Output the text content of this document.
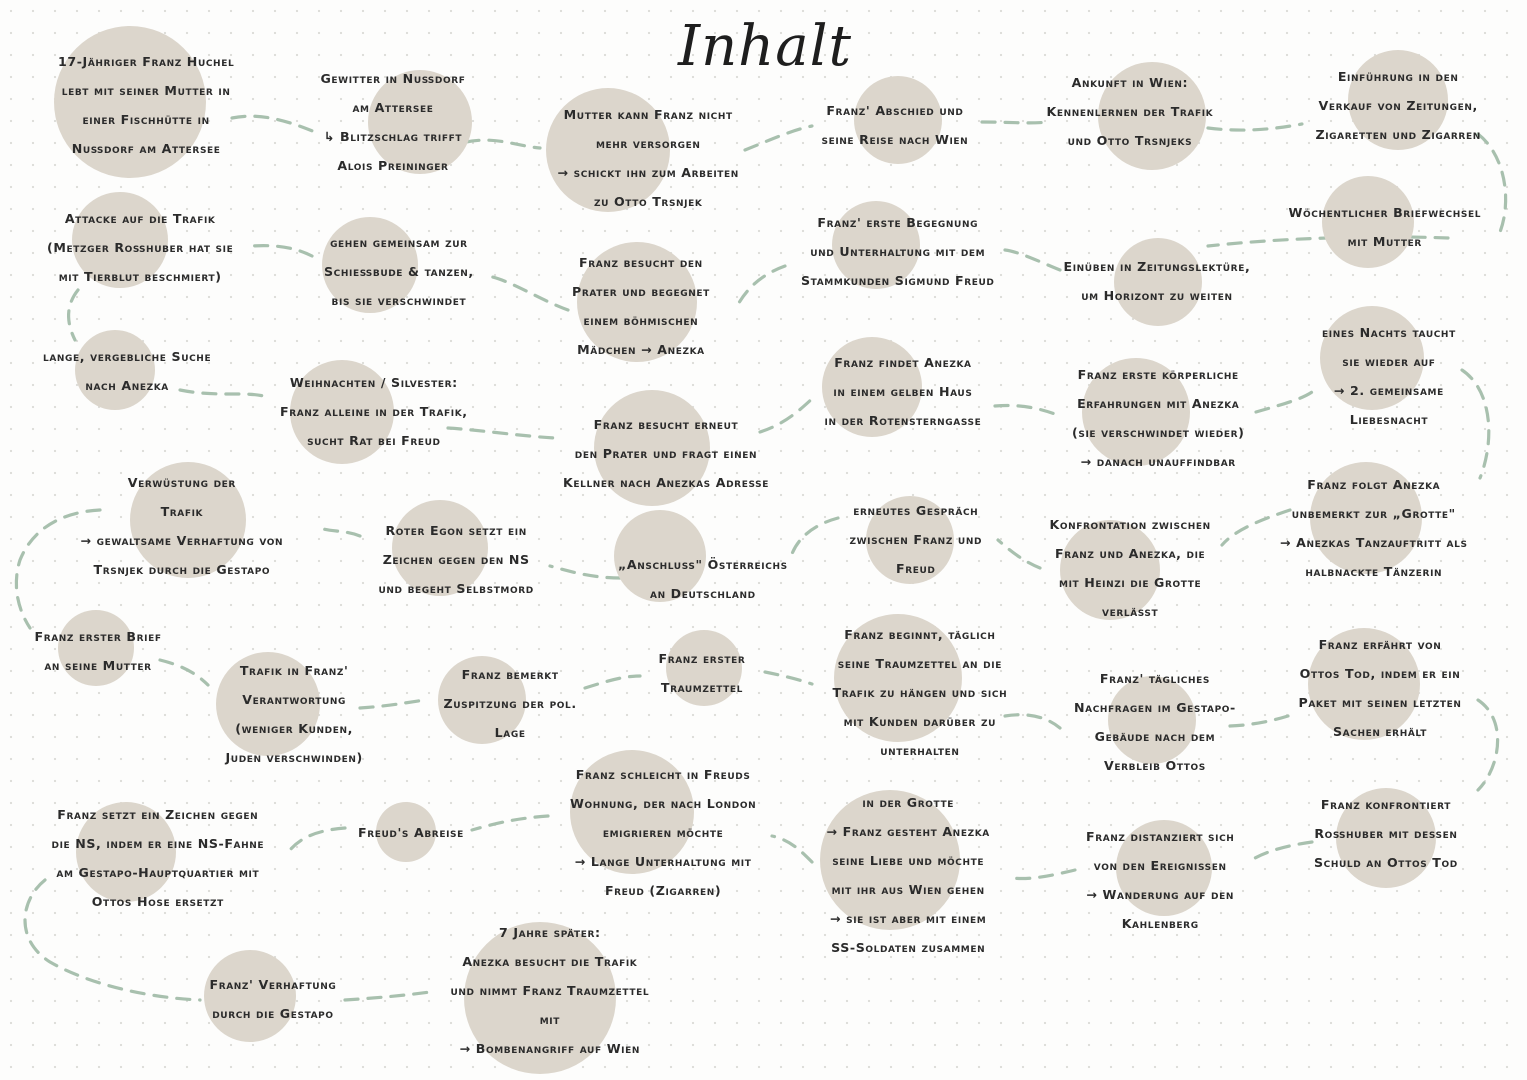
Inhalt
17-Jähriger Franz Huchel
lebt mit seiner Mutter in
einer Fischhütte in
Nußdorf am Attersee
Gewitter in Nußdorf
am Attersee
↳ Blitzschlag trifft
Alois Preininger
Mutter kann Franz nicht
mehr versorgen
→ schickt ihn zum Arbeiten
zu Otto Trsnjek
Franz' Abschied und
seine Reise nach Wien
Ankunft in Wien:
Kennenlernen der Trafik
und Otto Trsnjeks
Einführung in den
Verkauf von Zeitungen,
Zigaretten und Zigarren
Wöchentlicher Briefwechsel
mit Mutter
Einüben in Zeitungslektüre,
um Horizont zu weiten
Franz' erste Begegnung
und Unterhaltung mit dem
Stammkunden Sigmund Freud
Franz besucht den
Prater und begegnet
einem böhmischen
Mädchen → Anezka
gehen gemeinsam zur
Schießbude & tanzen,
bis sie verschwindet
Attacke auf die Trafik
(Metzger Roßhuber hat sie
mit Tierblut beschmiert)
lange, vergebliche Suche
nach Anezka	Weihnachten / Silvester:
Franz alleine in der Trafik,
sucht Rat bei Freud
Franz besucht erneut
den Prater und fragt einen
Kellner nach Anezkas Adresse
Franz findet Anezka
in einem gelben Haus
in der Rotensterngasse
Franz erste körperliche
Erfahrungen mit Anezka
(sie verschwindet wieder)
→ danach unauffindbar
eines Nachts taucht
sie wieder auf
→ 2. gemeinsame
Liebesnacht
Franz folgt Anezka
unbemerkt zur „Grotte"
→ Anezkas Tanzauftritt als
halbnackte Tänzerin
Konfrontation zwischen
Franz und Anezka, die
mit Heinzi die Grotte
verlässt
erneutes Gespräch
zwischen Franz und
Freud
„Anschluss" Österreichs
an Deutschland
Roter Egon setzt ein
Zeichen gegen den NS
und begeht Selbstmord
Verwüstung der
Trafik
→ gewaltsame Verhaftung von
Trsnjek durch die Gestapo
Franz erster Brief
an seine Mutter	Trafik in Franz'
Verantwortung
(weniger Kunden,
Juden verschwinden)
Franz bemerkt
Zuspitzung der pol.
Lage
Franz erster
Traumzettel
Franz beginnt, täglich
seine Traumzettel an die
Trafik zu hängen und sich
mit Kunden darüber zu
unterhalten
Franz' tägliches
Nachfragen im Gestapo-
Gebäude nach dem
Verbleib Ottos
Franz erfährt von
Ottos Tod, indem er ein
Paket mit seinen letzten
Sachen erhält
Franz konfrontiert
Roßhuber mit dessen
Schuld an Ottos Tod
Franz distanziert sich
von den Ereignissen
→ Wanderung auf den
Kahlenberg
in der Grotte
→ Franz gesteht Anezka
seine Liebe und möchte
mit ihr aus Wien gehen
→ sie ist aber mit einem
SS-Soldaten zusammen
Franz schleicht in Freuds
Wohnung, der nach London
emigrieren möchte
→ Lange Unterhaltung mit
Freud (Zigarren)
Freud's Abreise
Franz setzt ein Zeichen gegen
die NS, indem er eine NS-Fahne
am Gestapo-Hauptquartier mit
Ottos Hose ersetzt
Franz' Verhaftung
durch die Gestapo
7 Jahre später:
Anezka besucht die Trafik
und nimmt Franz Traumzettel
mit
→ Bombenangriff auf Wien
